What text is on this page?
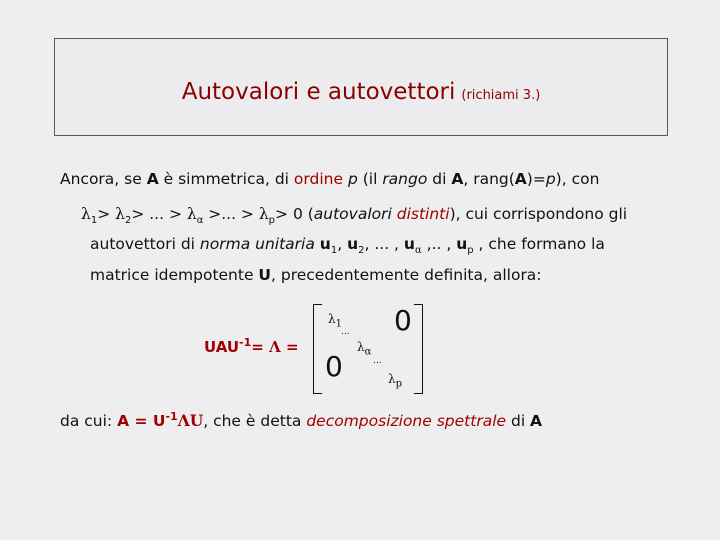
Autovalori e autovettori (richiami 3.)
Ancora, se A è simmetrica, di ordine p (il rango di A, rang(A)=p), con
$\lambda_1> \lambda_2>$ ... > $\lambda_\alpha$ >... > $\lambda_p> 0$ (autovalori distinti), cui corrispondono gli
autovettori di norma unitaria $u_1$, $u_2$, ... , $u_\alpha$ ,.. , $u_p$ , che formano la
matrice idempotente U, precedentemente definita, allora:
$UAU^{-1}= \Lambda$ =
$\lambda_1$
...
$\lambda_\alpha$
...
$\lambda_p$
0
0
da cui: $A = U^{-1}\Lambda U$, che è detta decomposizione spettrale di A
